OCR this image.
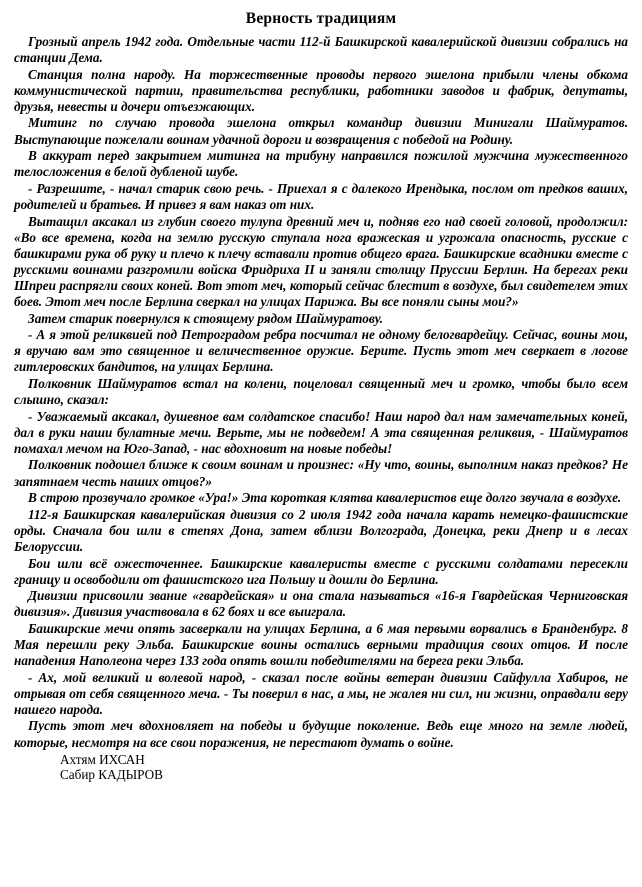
Верность традициям

Грозный апрель 1942 года. Отдельные части 112-й Башкирской кавалерийской дивизии собрались на станции Дема.

Станция полна народу. На торжественные проводы первого эшелона прибыли члены обкома коммунистической партии, правительства республики, работники заводов и фабрик, депутаты, друзья, невесты и дочери отъезжающих.

Митинг по случаю провода эшелона открыл командир дивизии Минигали Шаймуратов. Выступающие пожелали воинам удачной дороги и возвращения с победой на Родину.

В аккурат перед закрытием митинга на трибуну направился пожилой мужчина мужественного телосложения в белой дубленой шубе.

- Разрешите, - начал старик свою речь. - Приехал я с далекого Ирендыка, послом от предков ваших, родителей и братьев. И привез я вам наказ от них.

Вытащил аксакал из глубин своего тулупа древний меч и, подняв его над своей головой, продолжил: «Во все времена, когда на землю русскую ступала нога вражеская и угрожала опасность, русские с башкирами рука об руку и плечо к плечу вставали против общего врага. Башкирские всадники вместе с русскими воинами разгромили войска Фридриха II и заняли столицу Пруссии Берлин. На берегах реки Шпреи распрягли своих коней. Вот этот меч, который сейчас блестит в воздухе, был свидетелем этих боев. Этот меч после Берлина сверкал на улицах Парижа. Вы все поняли сыны мои?»

Затем старик повернулся к стоящему рядом Шаймуратову.

- А я этой реликвией под Петроградом ребра посчитал не одному белогвардейцу. Сейчас, воины мои, я вручаю вам это священное и величественное оружие. Берите. Пусть этот меч сверкает в логове гитлеровских бандитов, на улицах Берлина.

Полковник Шаймуратов встал на колени, поцеловал священный меч и громко, чтобы было всем слышно, сказал:

- Уважаемый аксакал, душевное вам солдатское спасибо! Наш народ дал нам замечательных коней, дал в руки наши булатные мечи. Верьте, мы не подведем! А эта священная реликвия, - Шаймуратов помахал мечом на Юго-Запад, - нас вдохновит на новые победы!

Полковник подошел ближе к своим воинам и произнес: «Ну что, воины, выполним наказ предков? Не запятнаем честь наших отцов?»

В строю прозвучало громкое «Ура!» Эта короткая клятва кавалеристов еще долго звучала в воздухе.

112-я Башкирская кавалерийская дивизия со 2 июля 1942 года начала карать немецко-фашистские орды. Сначала бои шли в степях Дона, затем вблизи Волгограда, Донецка, реки Днепр и в лесах Белоруссии.

Бои шли всё ожесточеннее. Башкирские кавалеристы вместе с русскими солдатами пересекли границу и освободили от фашистского ига Польшу и дошли до Берлина.

Дивизии присвоили звание «гвардейская» и она стала называться «16-я Гвардейская Черниговская дивизия». Дивизия участвовала в 62 боях и все выиграла.

Башкирские мечи опять засверкали на улицах Берлина, а 6 мая первыми ворвались в Бранденбург. 8 Мая перешли реку Эльба. Башкирские воины остались верными традиция своих отцов. И после нападения Наполеона через 133 года опять вошли победителями на берега реки Эльба.

- Ах, мой великий и волевой народ, - сказал после войны ветеран дивизии Сайфулла Хабиров, не отрывая от себя священного меча. - Ты поверил в нас, а мы, не жалея ни сил, ни жизни, оправдали веру нашего народа.

Пусть этот меч вдохновляет на победы и будущие поколение. Ведь еще много на земле людей, которые, несмотря на все свои поражения, не перестают думать о войне.

Ахтям ИХСАН
Сабир КАДЫРОВ
